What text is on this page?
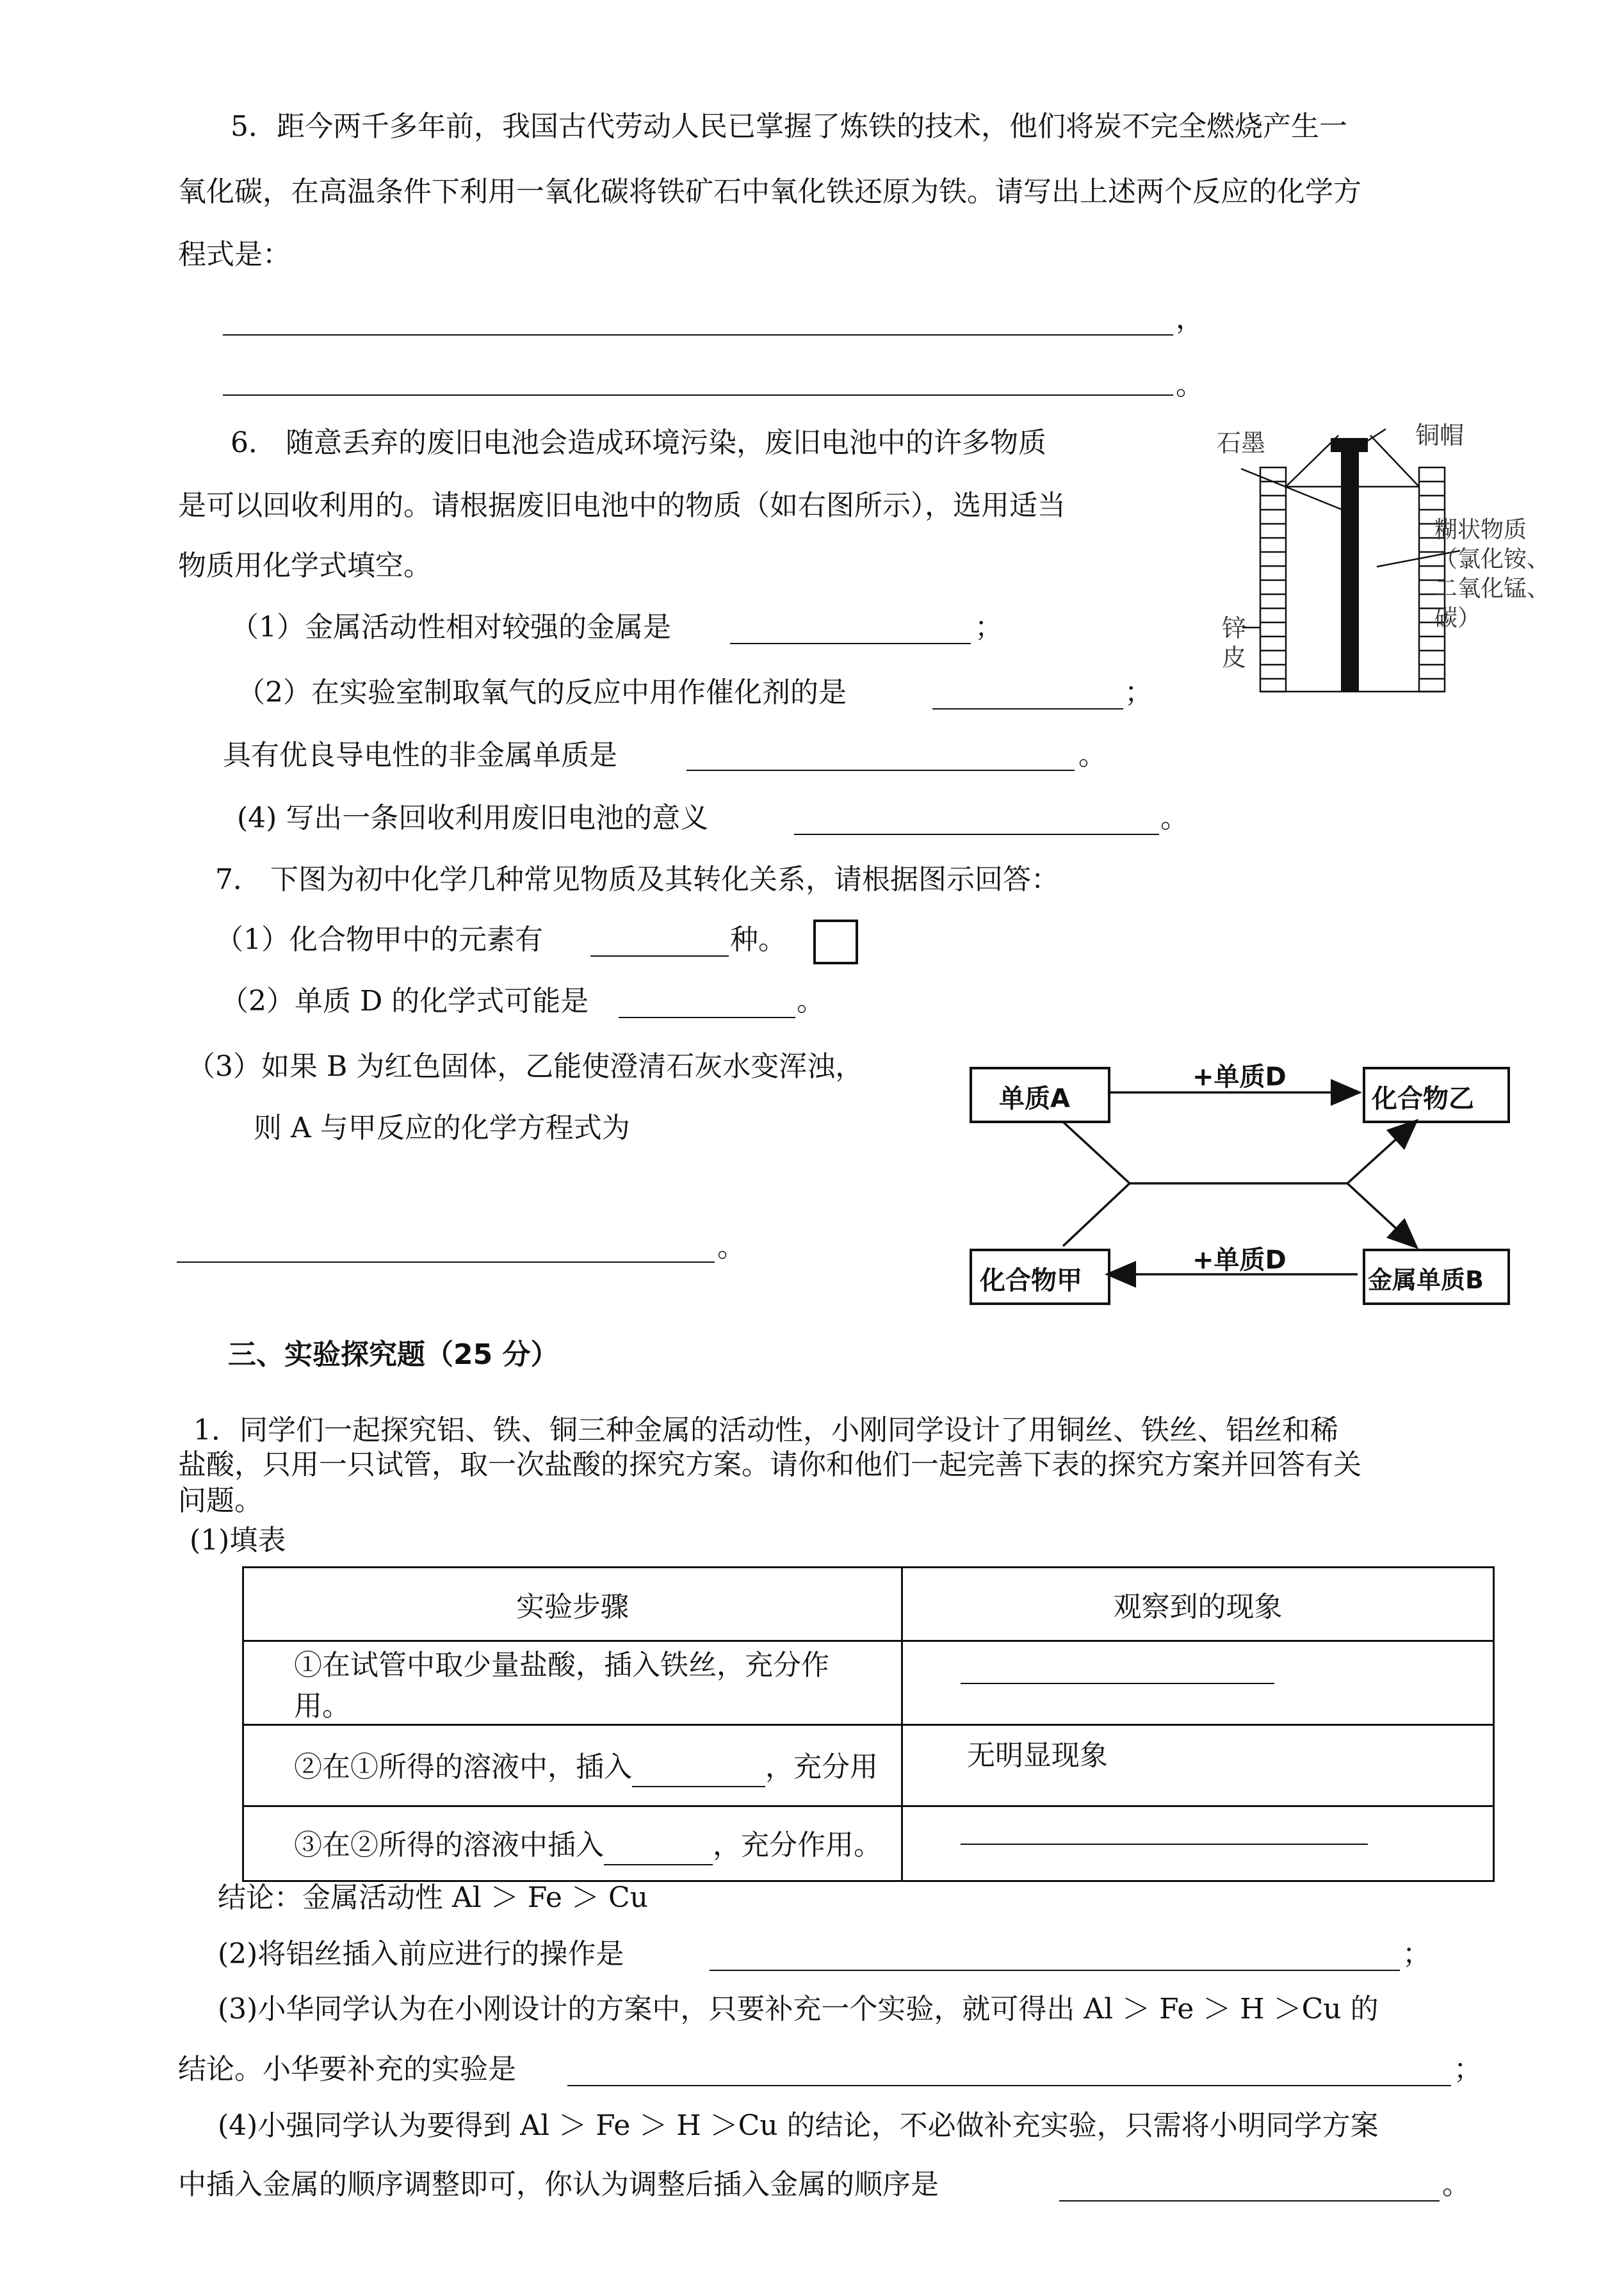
5．距今两千多年前，我国古代劳动人民已掌握了炼铁的技术，他们将炭不完全燃烧产生一
氧化碳，在高温条件下利用一氧化碳将铁矿石中氧化铁还原为铁。请写出上述两个反应的化学方
程式是：
，
。
6． 随意丢弃的废旧电池会造成环境污染，废旧电池中的许多物质
是可以回收利用的。请根据废旧电池中的物质（如右图所示），选用适当
物质用化学式填空。
（1）金属活动性相对较强的金属是	；
（2）在实验室制取氧气的反应中用作催化剂的是	；
具有优良导电性的非金属单质是	。
(4) 写出一条回收利用废旧电池的意义	。
石墨	铜帽
糊状物质
（氯化铵、
二氧化锰、
碳）
锌
皮
7． 下图为初中化学几种常见物质及其转化关系，请根据图示回答：
（1）化合物甲中的元素有	种。
（2）单质 D 的化学式可能是	。
（3）如果 B 为红色固体，乙能使澄清石灰水变浑浊，
则 A 与甲反应的化学方程式为
。
单质A	化合物乙
化合物甲	金属单质B
+单质D
+单质D
三、实验探究题（25 分）
1．同学们一起探究铝、铁、铜三种金属的活动性，小刚同学设计了用铜丝、铁丝、铝丝和稀
盐酸，只用一只试管，取一次盐酸的探究方案。请你和他们一起完善下表的探究方案并回答有关
问题。
(1)填表
实验步骤	观察到的现象
①在试管中取少量盐酸，插入铁丝，充分作用。	

②在①所得的溶液中，插入 ，充分用	无明显现象
③在②所得的溶液中插入 ，充分作用。	
结论：金属活动性 Al ＞ Fe ＞ Cu
(2)将铝丝插入前应进行的操作是	；
(3)小华同学认为在小刚设计的方案中，只要补充一个实验，就可得出 Al ＞ Fe ＞ H ＞Cu 的
结论。小华要补充的实验是	；
(4)小强同学认为要得到 Al ＞ Fe ＞ H ＞Cu 的结论，不必做补充实验，只需将小明同学方案
中插入金属的顺序调整即可，你认为调整后插入金属的顺序是	。
